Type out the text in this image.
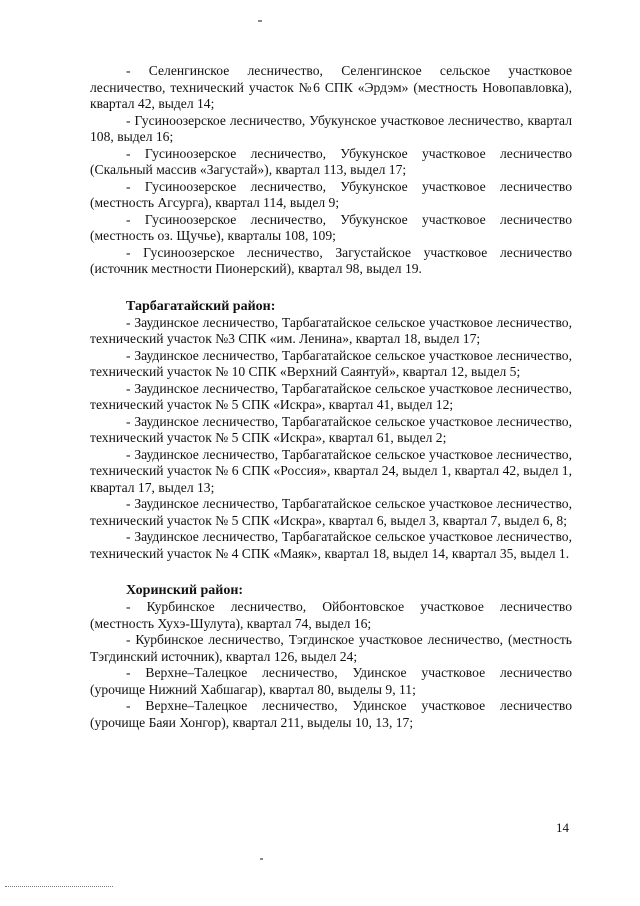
- Селенгинское лесничество, Селенгинское сельское участковое лесничество, технический участок №6 СПК «Эрдэм» (местность Новопавловка), квартал 42, выдел 14;

- Гусиноозерское лесничество, Убукунское участковое лесничество, квартал 108, выдел 16;

- Гусиноозерское лесничество, Убукунское участковое лесничество (Скальный массив «Загустай»), квартал 113, выдел 17;

- Гусиноозерское лесничество, Убукунское участковое лесничество (местность Агсурга), квартал 114, выдел 9;

- Гусиноозерское лесничество, Убукунское участковое лесничество (местность оз. Щучье), кварталы 108, 109;

- Гусиноозерское лесничество, Загустайское участковое лесничество (источник местности Пионерский), квартал 98, выдел 19.

Тарбагатайский район:

- Заудинское лесничество, Тарбагатайское сельское участковое лесничество, технический участок №3 СПК «им. Ленина», квартал 18, выдел 17;

- Заудинское лесничество, Тарбагатайское сельское участковое лесничество, технический участок № 10 СПК «Верхний Саянтуй», квартал 12, выдел 5;

- Заудинское лесничество, Тарбагатайское сельское участковое лесничество, технический участок № 5 СПК «Искра», квартал 41, выдел 12;

- Заудинское лесничество, Тарбагатайское сельское участковое лесничество, технический участок № 5 СПК «Искра», квартал 61, выдел 2;

- Заудинское лесничество, Тарбагатайское сельское участковое лесничество, технический участок № 6 СПК «Россия», квартал 24, выдел 1, квартал 42, выдел 1, квартал 17, выдел 13;

- Заудинское лесничество, Тарбагатайское сельское участковое лесничество, технический участок № 5 СПК «Искра», квартал 6, выдел 3, квартал 7, выдел 6, 8;

- Заудинское лесничество, Тарбагатайское сельское участковое лесничество, технический участок № 4 СПК «Маяк», квартал 18, выдел 14, квартал 35, выдел 1.

Хоринский район:

- Курбинское лесничество, Ойбонтовское участковое лесничество (местность Хухэ-Шулута), квартал 74, выдел 16;

- Курбинское лесничество, Тэгдинское участковое лесничество, (местность Тэгдинский источник), квартал 126, выдел 24;

- Верхне–Талецкое лесничество, Удинское участковое лесничество (урочище Нижний Хабшагар), квартал 80, выделы 9, 11;

- Верхне–Талецкое лесничество, Удинское участковое лесничество (урочище Баяи Хонгор), квартал 211, выделы 10, 13, 17;

14
